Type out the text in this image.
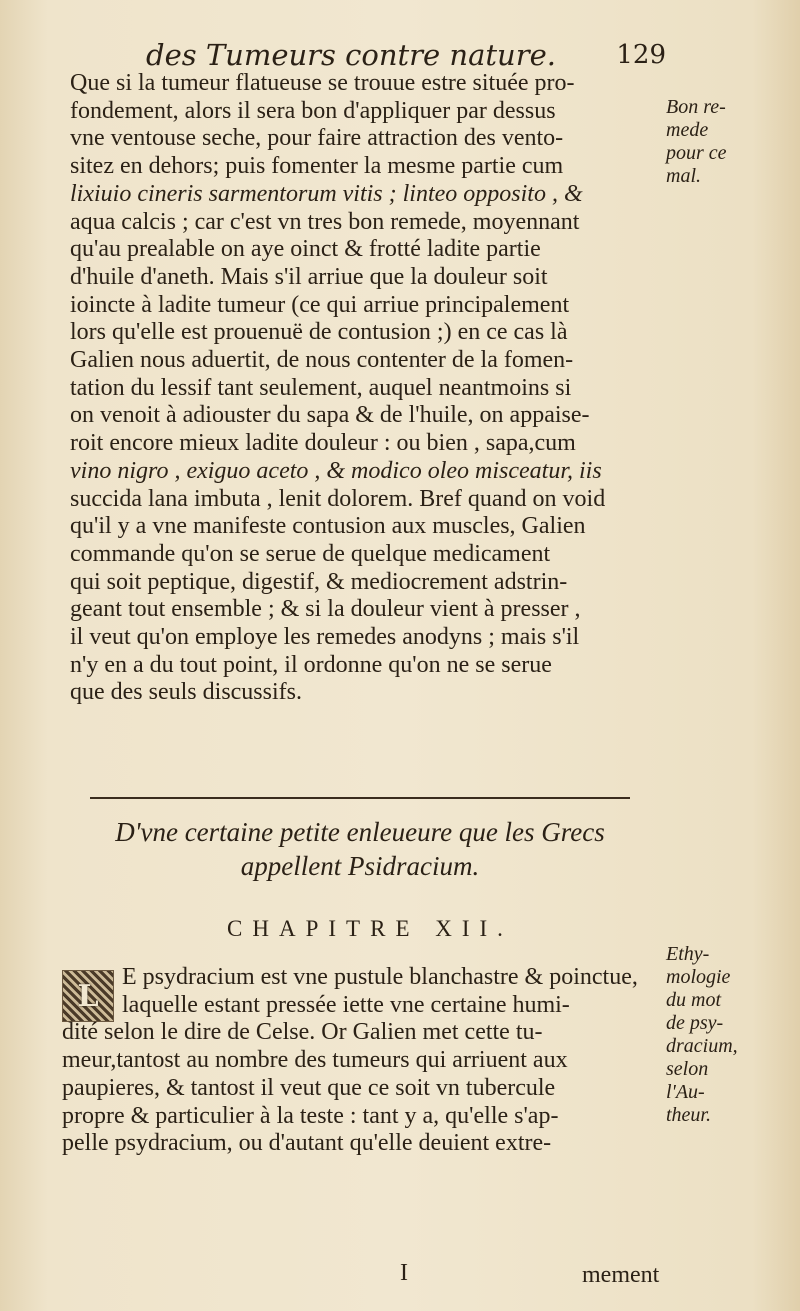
des Tumeurs contre nature. 129
Que si la tumeur flatueuse se trouue estre située pro-
fondement, alors il sera bon d'appliquer par dessus
vne ventouse seche, pour faire attraction des vento-
sitez en dehors; puis fomenter la mesme partie cum
lixiuio cineris sarmentorum vitis ; linteo opposito , &
aqua calcis ; car c'est vn tres bon remede, moyennant
qu'au prealable on aye oinct & frotté ladite partie
d'huile d'aneth. Mais s'il arriue que la douleur soit
ioincte à ladite tumeur (ce qui arriue principalement
lors qu'elle est prouenuë de contusion ;) en ce cas là
Galien nous aduertit, de nous contenter de la fomen-
tation du lessif tant seulement, auquel neantmoins si
on venoit à adiouster du sapa & de l'huile, on appaise-
roit encore mieux ladite douleur : ou bien , sapa,cum
vino nigro , exiguo aceto , & modico oleo misceatur, iis
succida lana imbuta , lenit dolorem. Bref quand on void
qu'il y a vne manifeste contusion aux muscles, Galien
commande qu'on se serue de quelque medicament
qui soit peptique, digestif, & mediocrement adstrin-
geant tout ensemble ; & si la douleur vient à presser ,
il veut qu'on employe les remedes anodyns ; mais s'il
n'y en a du tout point, il ordonne qu'on ne se serue
que des seuls discussifs.
Bon re-
mede
pour ce
mal.
D'vne certaine petite enleueure que les Grecs
appellent Psidracium.
CHAPITRE XII.
L
E psydracium est vne pustule blanchastre & poinctue,
laquelle estant pressée iette vne certaine humi-
dité selon le dire de Celse. Or Galien met cette tu-
meur,tantost au nombre des tumeurs qui arriuent aux
paupieres, & tantost il veut que ce soit vn tubercule
propre & particulier à la teste : tant y a, qu'elle s'ap-
pelle psydracium, ou d'autant qu'elle deuient extre-
Ethy-
mologie
du mot
de psy-
dracium,
selon
l'Au-
theur.
I	mement
